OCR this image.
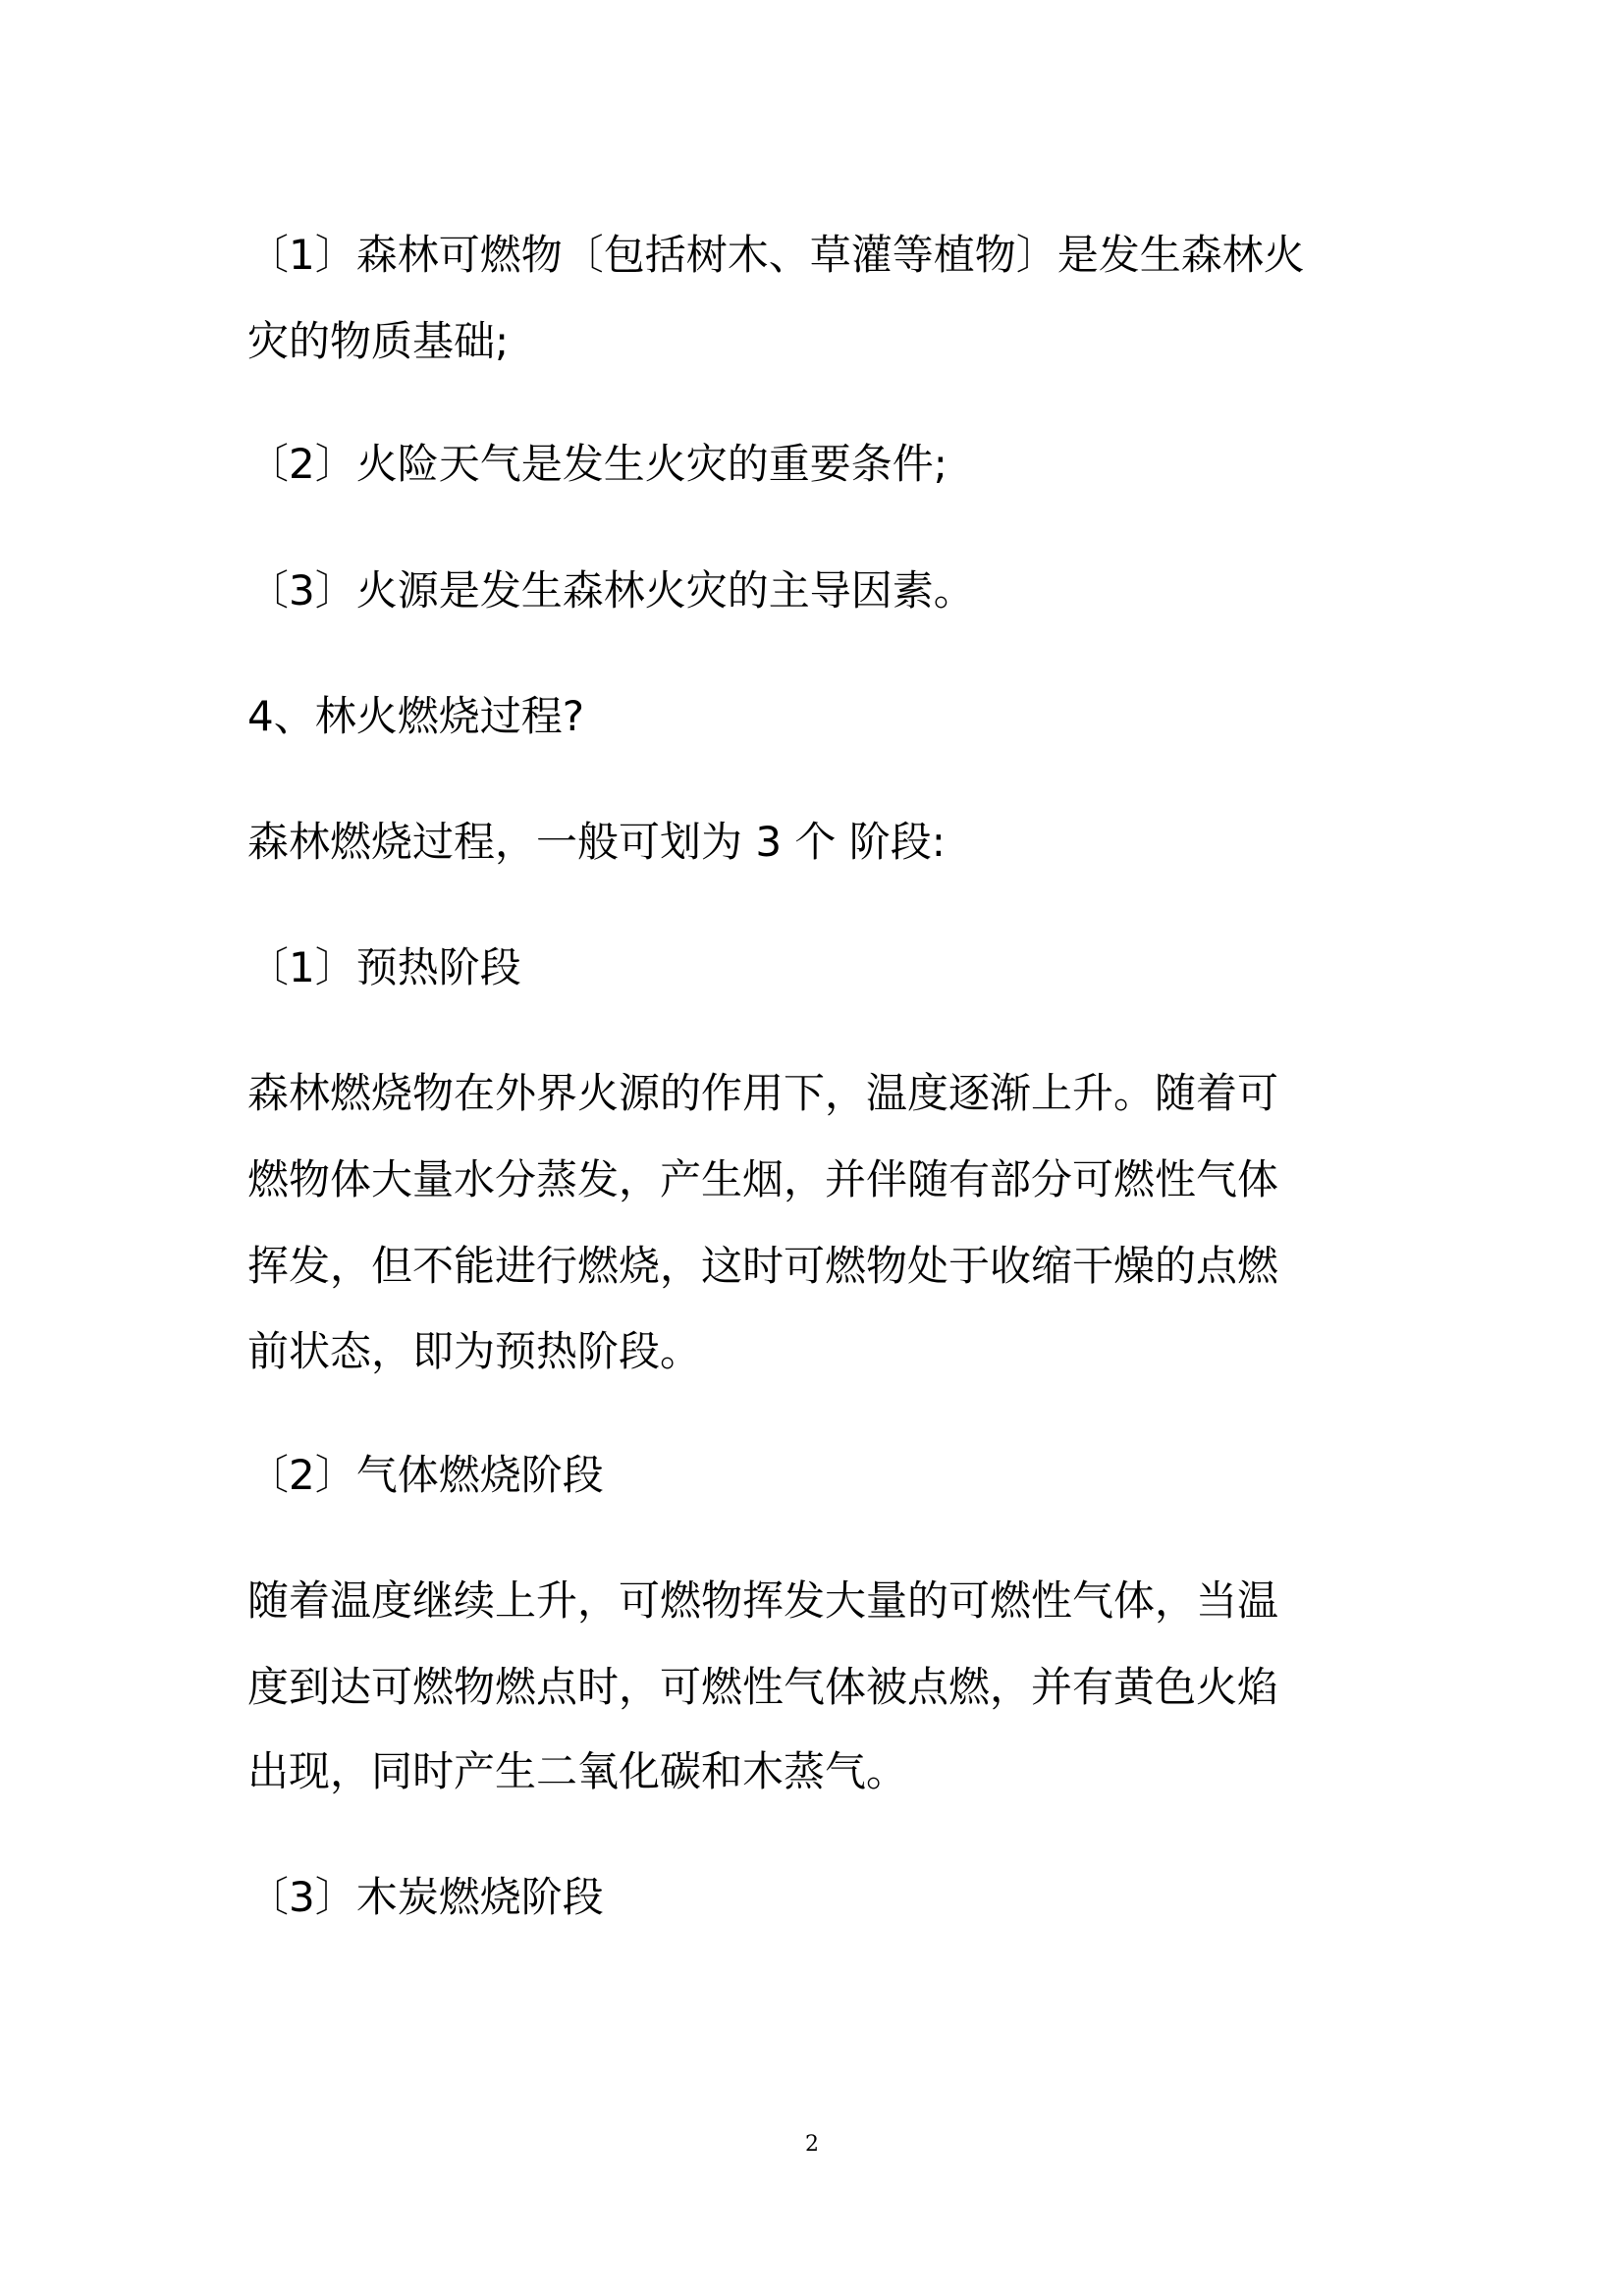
〔1〕森林可燃物〔包括树木、草灌等植物〕是发生森林火

灾的物质基础;

〔2〕火险天气是发生火灾的重要条件;

〔3〕火源是发生森林火灾的主导因素。

4、林火燃烧过程?

森林燃烧过程，一般可划为 3 个 阶段:

〔1〕预热阶段

森林燃烧物在外界火源的作用下，温度逐渐上升。随着可

燃物体大量水分蒸发，产生烟，并伴随有部分可燃性气体

挥发，但不能进行燃烧，这时可燃物处于收缩干燥的点燃

前状态，即为预热阶段。

〔2〕气体燃烧阶段

随着温度继续上升，可燃物挥发大量的可燃性气体，当温

度到达可燃物燃点时，可燃性气体被点燃，并有黄色火焰

出现，同时产生二氧化碳和木蒸气。

〔3〕木炭燃烧阶段

2
